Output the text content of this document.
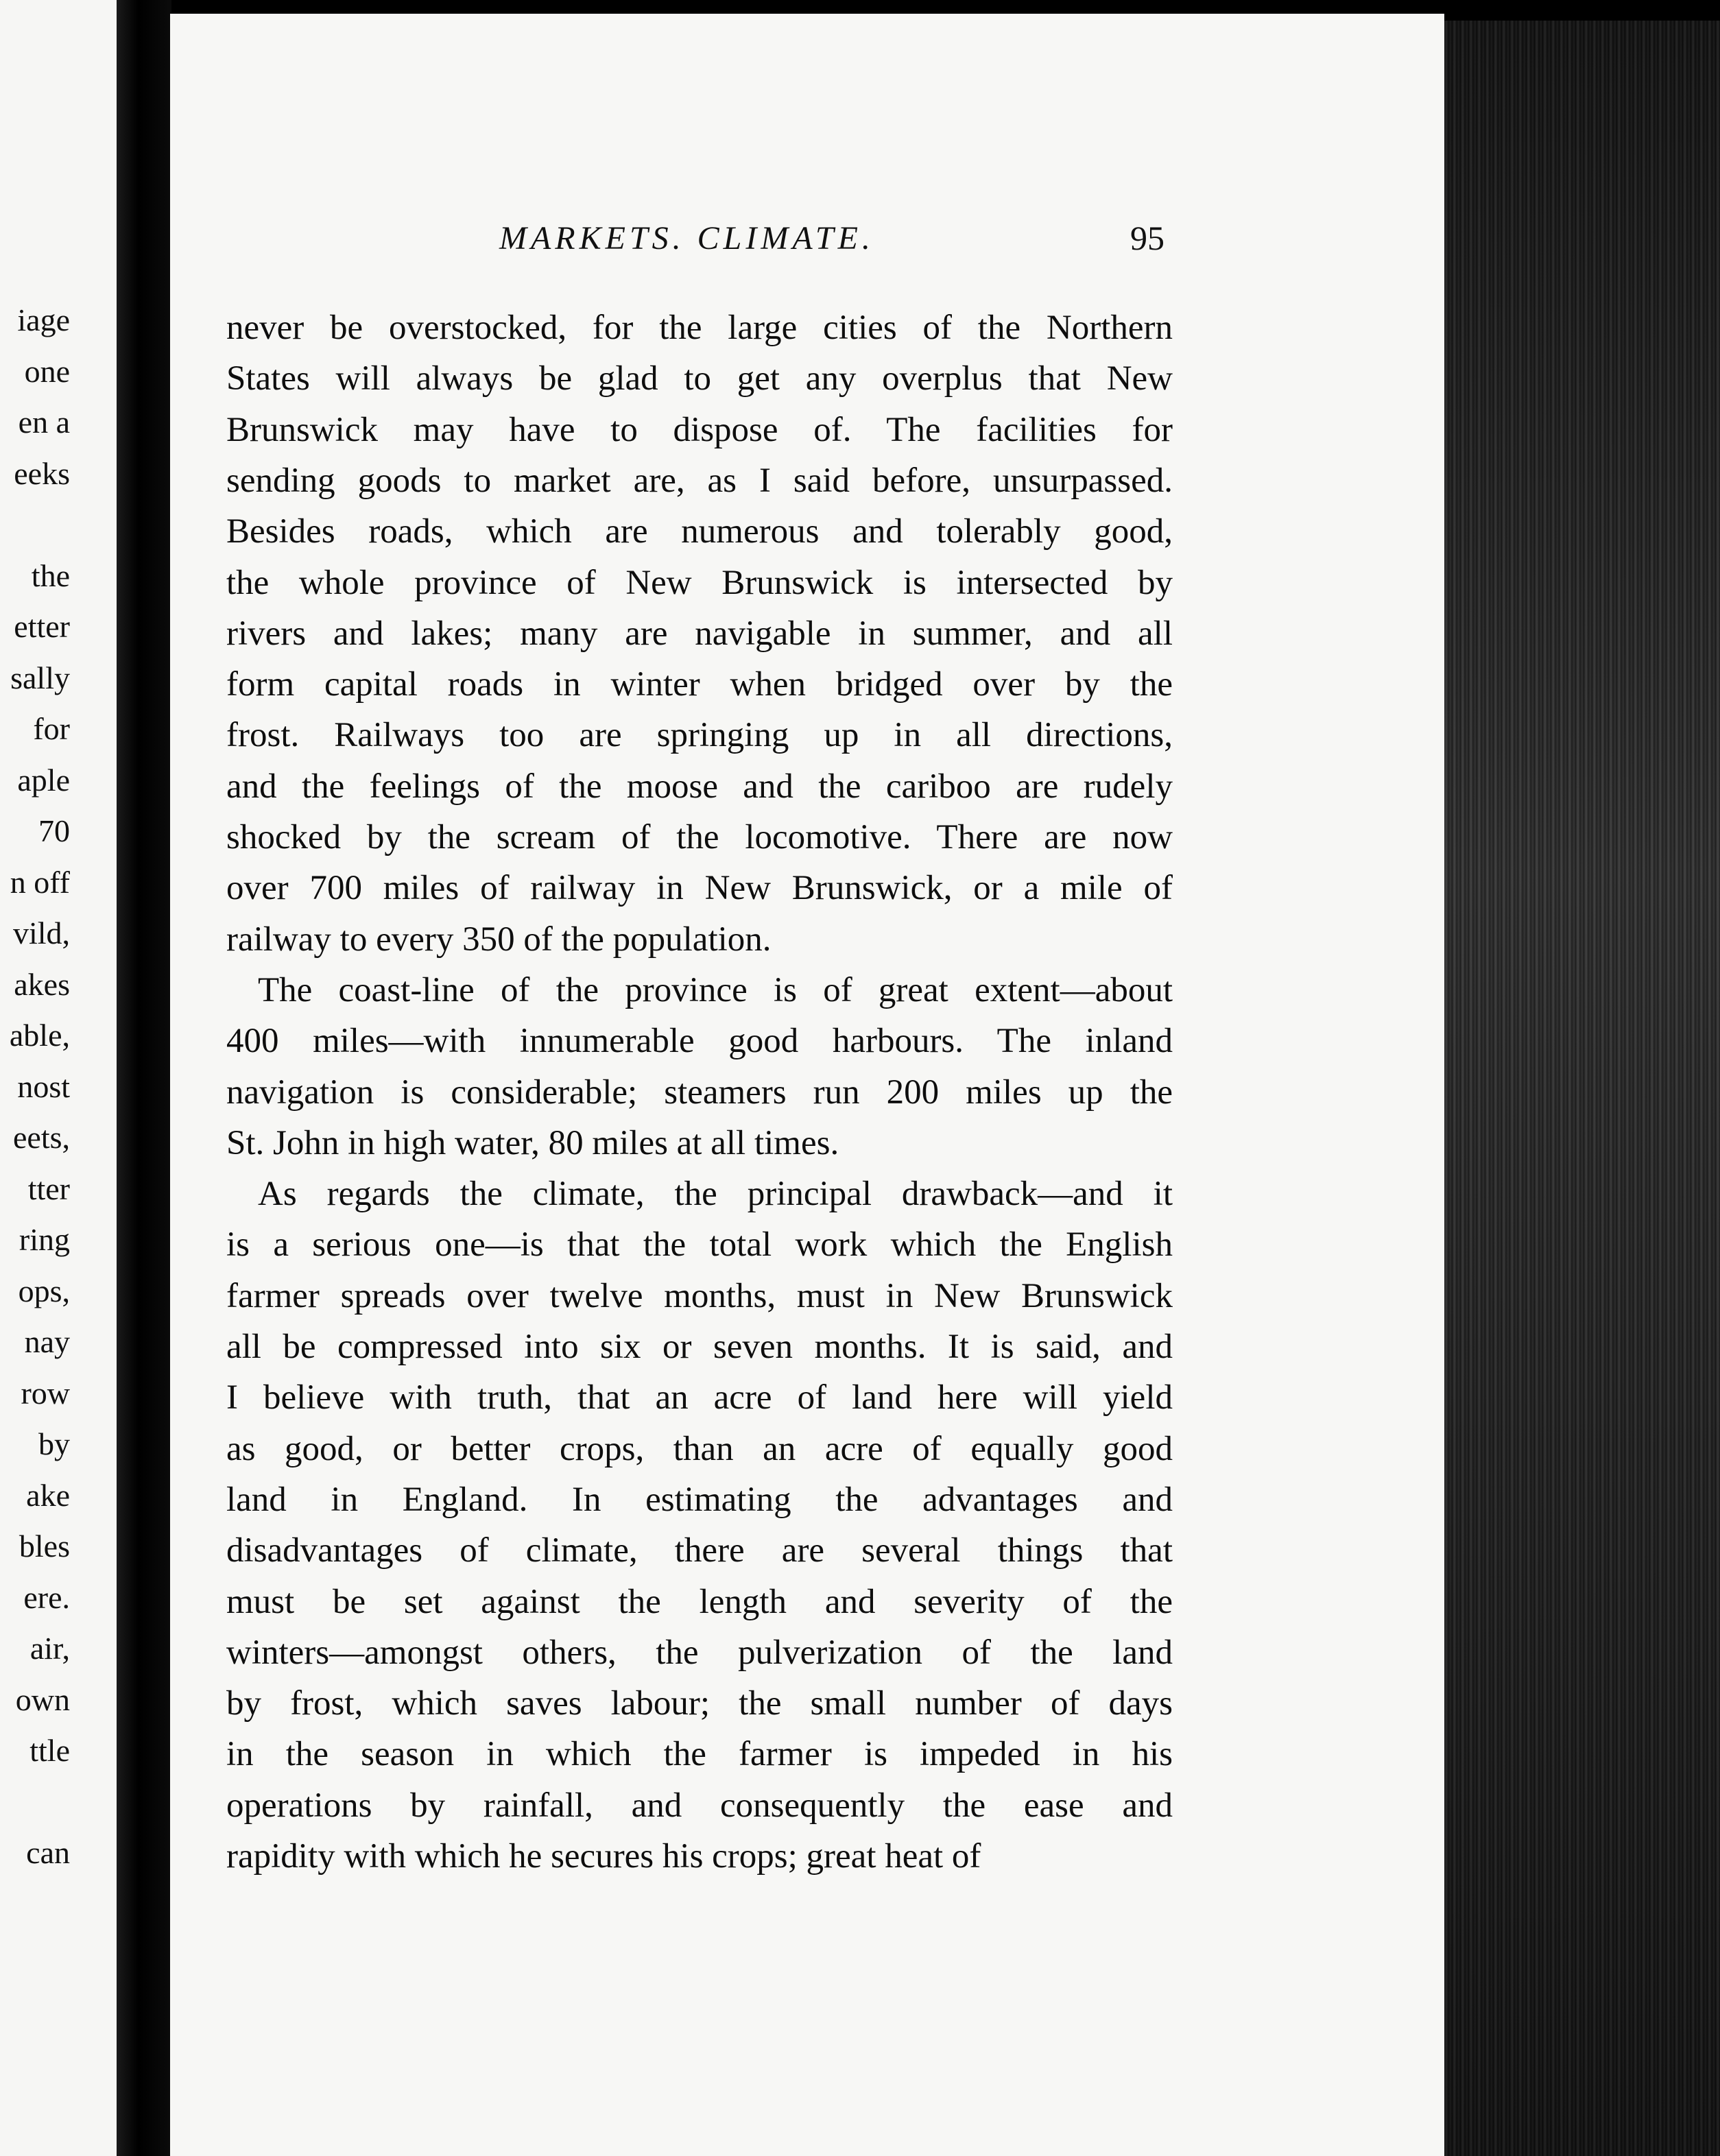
iage
one
en a
eeks
the
etter
sally
for
aple
70
n off
vild,
akes
able,
nost
eets,
tter
ring
ops,
nay
row
by
ake
bles
ere.
air,
own
ttle
can
MARKETS. CLIMATE.	95
never be overstocked, for the large cities of the Northern
States will always be glad to get any overplus that New
Brunswick may have to dispose of. The facilities for
sending goods to market are, as I said before, unsurpassed.
Besides roads, which are numerous and tolerably good,
the whole province of New Brunswick is intersected by
rivers and lakes; many are navigable in summer, and all
form capital roads in winter when bridged over by the
frost. Railways too are springing up in all directions,
and the feelings of the moose and the cariboo are rudely
shocked by the scream of the locomotive. There are now
over 700 miles of railway in New Brunswick, or a mile of
railway to every 350 of the population.
The coast-line of the province is of great extent—about
400 miles—with innumerable good harbours. The inland
navigation is considerable; steamers run 200 miles up the
St. John in high water, 80 miles at all times.
As regards the climate, the principal drawback—and it
is a serious one—is that the total work which the English
farmer spreads over twelve months, must in New Brunswick
all be compressed into six or seven months. It is said, and
I believe with truth, that an acre of land here will yield
as good, or better crops, than an acre of equally good
land in England. In estimating the advantages and
disadvantages of climate, there are several things that
must be set against the length and severity of the
winters—amongst others, the pulverization of the land
by frost, which saves labour; the small number of days
in the season in which the farmer is impeded in his
operations by rainfall, and consequently the ease and
rapidity with which he secures his crops; great heat of
